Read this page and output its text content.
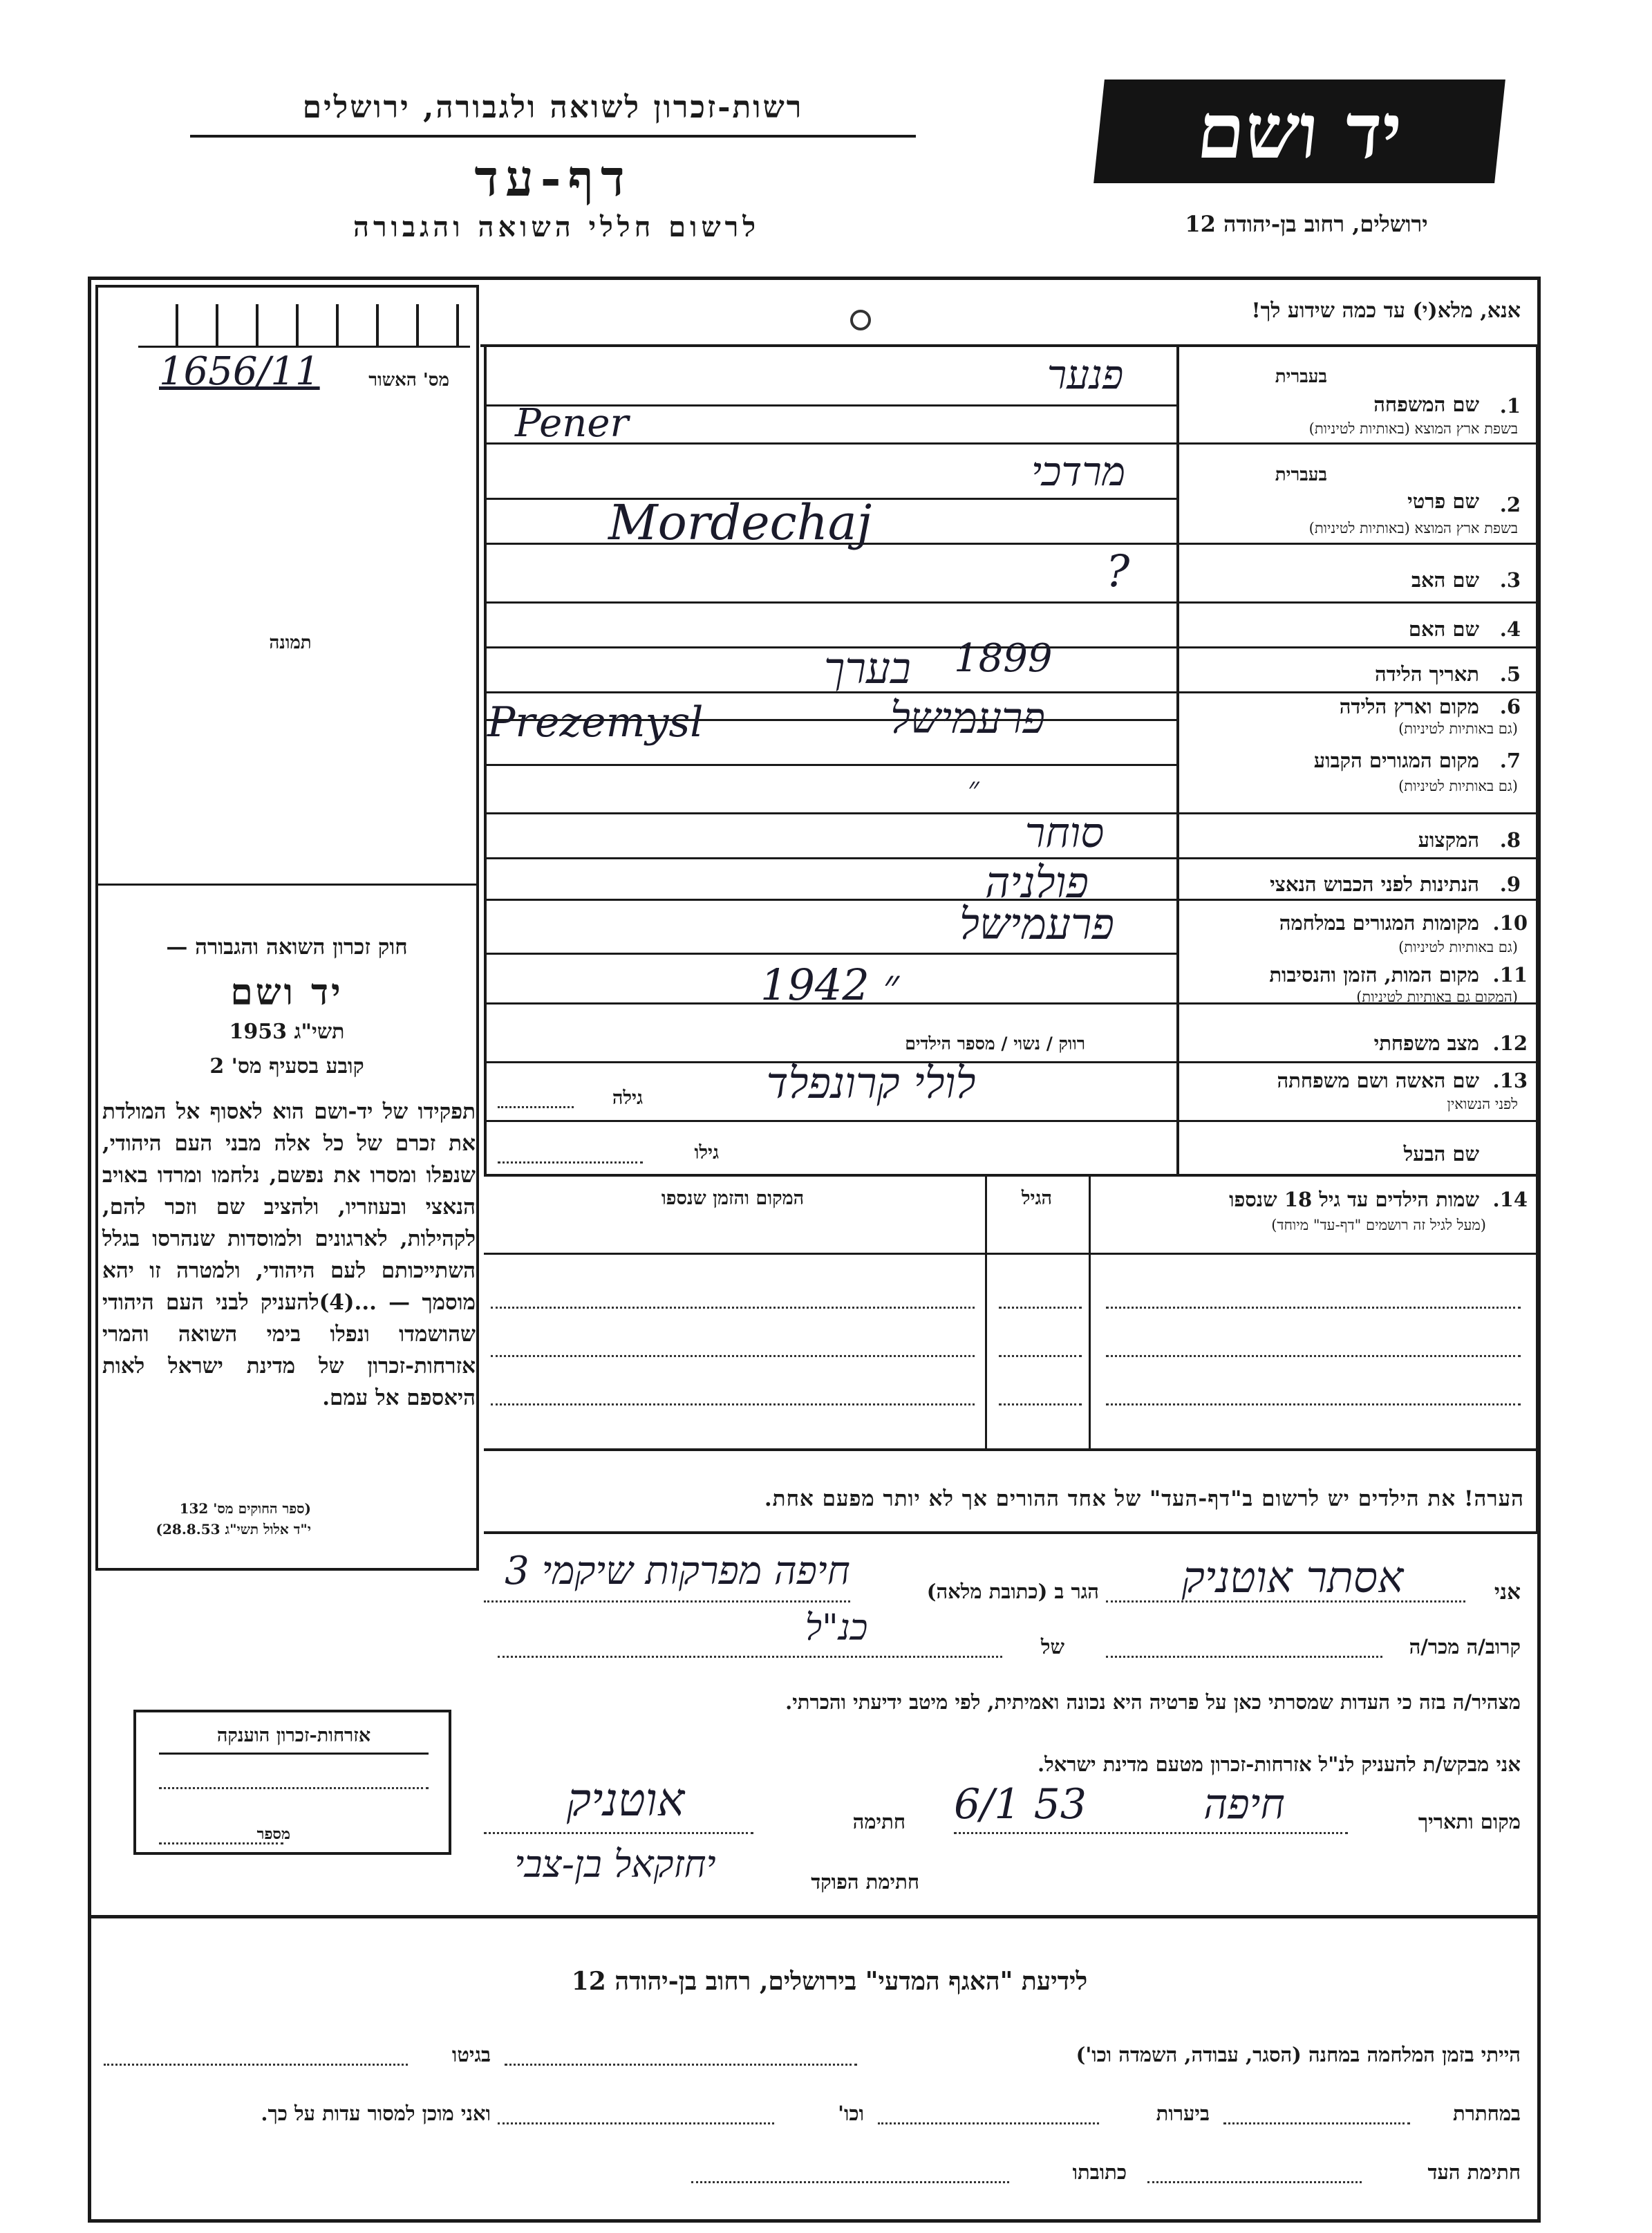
רשות-זכרון לשואה ולגבורה, ירושלים
דף-עד
לרשום חללי השואה והגבורה
יד ושם
ירושלים, רחוב בן-יהודה 12
מס' האשור
1656/11
תמונה
חוק זכרון השואה והגבורה —
יד ושם
תשי"ג 1953
קובע בסעיף מס' 2
תפקידו של יד-ושם הוא לאסוף אל המולדת את זכרם של כל אלה מבני העם היהודי, שנפלו ומסרו את נפשם, נלחמו ומרדו באויב הנאצי ובעוזריו, ולהציב שם וזכר להם, לקהילות, לארגונים ולמוסדות שנהרסו בגלל השתייכותם לעם היהודי, ולמטרה זו יהא מוסמך — ...(4)להעניק לבני העם היהודי שהושמדו ונפלו בימי השואה והמרי אזרחות-זכרון של מדינת ישראל לאות היאספם אל עמם.
(ספר החוקים מס' 132
י"ד אלול תשי"ג 28.8.53)
אנא, מלא(י) עד כמה שידוע לך!
בעברית
1.
שם המשפחה
בשפת ארץ המוצא (באותיות לטיניות)
פנער
Pener
בעברית
2.
שם פרטי
בשפת ארץ המוצא (באותיות לטיניות)
מרדכי
Mordechaj
3.
שם האב
?
4.
שם האם
5.
תאריך הלידה
1899
בערך
6.
מקום וארץ הלידה
(גם באותיות לטיניות)
פרעמישל
Prezemysl
7.
מקום המגורים הקבוע
(גם באותיות לטיניות)
״
8.
המקצוע
סוחר
9.
הנתינות לפני הכבוש הנאצי
פולניה
10.
מקומות המגורים במלחמה
(גם באותיות לטיניות)
פרעמישל
11.
מקום המות, הזמן והנסיבות
(המקום גם באותיות לטיניות)
1942 ״
12.
מצב משפחתי
רווק / נשוי / מספר הילדים
13.
שם האשה ושם משפחתה
לפני הנשואין
לולי קרונפלד
גילה
שם הבעל
גילו
14.
שמות הילדים עד גיל 18 שנספו
(מעל לגיל זה רושמים "דף-עד" מיוחד)
הגיל
המקום והזמן שנספו
הערה! את הילדים יש לרשום ב"דף-העד" של אחד ההורים אך לא יותר מפעם אחת.
אני
אסתר אוטניק
הגר ב (כתובת מלאה)
חיפה מפרקות שיקמי 3
קרוב/ה מכר/ה
של
כנ"ל
מצהיר/ה בזה כי העדות שמסרתי כאן על פרטיה היא נכונה ואמיתית, לפי מיטב ידיעתי והכרתי.
אני מבקש/ת להעניק לנ"ל אזרחות-זכרון מטעם מדינת ישראל.
מקום ותאריך
חיפה
6/1 53
חתימה
אוטניק
חתימת הפוקד
יחזקאל בן-צבי
אזרחות-זכרון הוענקה
מספר
לידיעת "האגף המדעי" בירושלים, רחוב בן-יהודה 12
הייתי בזמן המלחמה במחנה (הסגר, עבודה, השמדה וכו')
בגיטו
במחתרת
ביערות
וכו'
ואני מוכן למסור עדות על כך.
חתימת העד
כתובתו
